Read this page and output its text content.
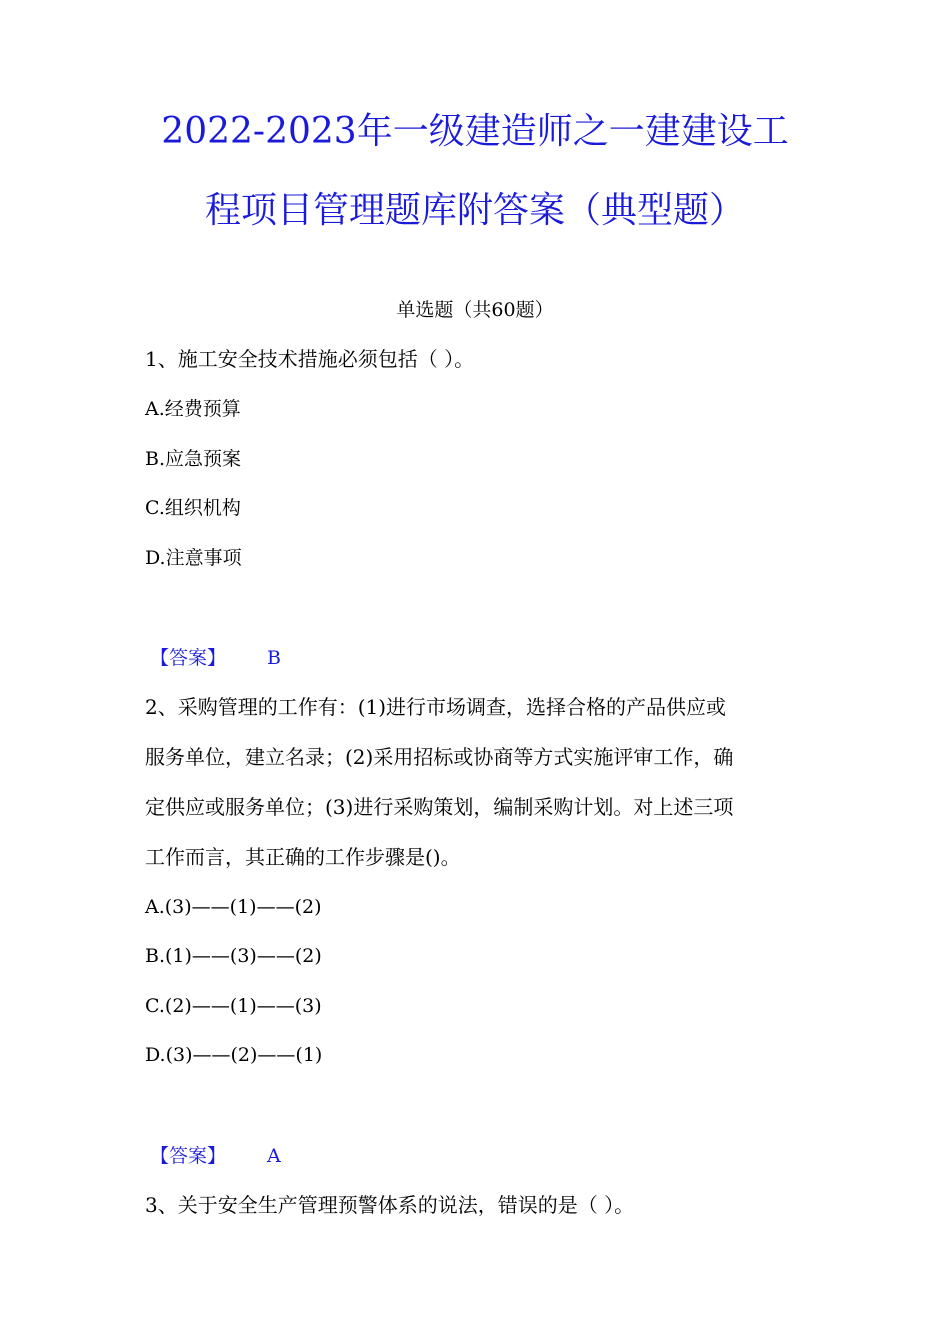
2022-2023年一级建造师之一建建设工
程项目管理题库附答案（典型题）
单选题（共60题）
1、施工安全技术措施必须包括（ ）。
A.经费预算
B.应急预案
C.组织机构
D.注意事项
【答案】 B
2、采购管理的工作有：(1)进行市场调查，选择合格的产品供应或
服务单位，建立名录；(2)采用招标或协商等方式实施评审工作，确
定供应或服务单位；(3)进行采购策划，编制采购计划。对上述三项
工作而言，其正确的工作步骤是()。
A.(3)——(1)——(2)
B.(1)——(3)——(2)
C.(2)——(1)——(3)
D.(3)——(2)——(1)
【答案】 A
3、关于安全生产管理预警体系的说法，错误的是（ ）。
